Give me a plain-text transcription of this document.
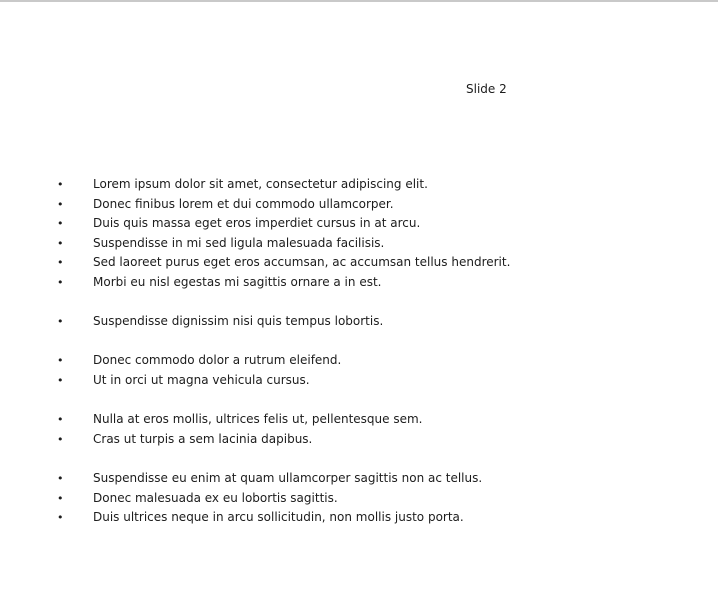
Slide 2
• Lorem ipsum dolor sit amet, consectetur adipiscing elit.
• Donec finibus lorem et dui commodo ullamcorper.
• Duis quis massa eget eros imperdiet cursus in at arcu.
• Suspendisse in mi sed ligula malesuada facilisis.
• Sed laoreet purus eget eros accumsan, ac accumsan tellus hendrerit.
• Morbi eu nisl egestas mi sagittis ornare a in est.
• Suspendisse dignissim nisi quis tempus lobortis.
• Donec commodo dolor a rutrum eleifend.
• Ut in orci ut magna vehicula cursus.
• Nulla at eros mollis, ultrices felis ut, pellentesque sem.
• Cras ut turpis a sem lacinia dapibus.
• Suspendisse eu enim at quam ullamcorper sagittis non ac tellus.
• Donec malesuada ex eu lobortis sagittis.
• Duis ultrices neque in arcu sollicitudin, non mollis justo porta.
